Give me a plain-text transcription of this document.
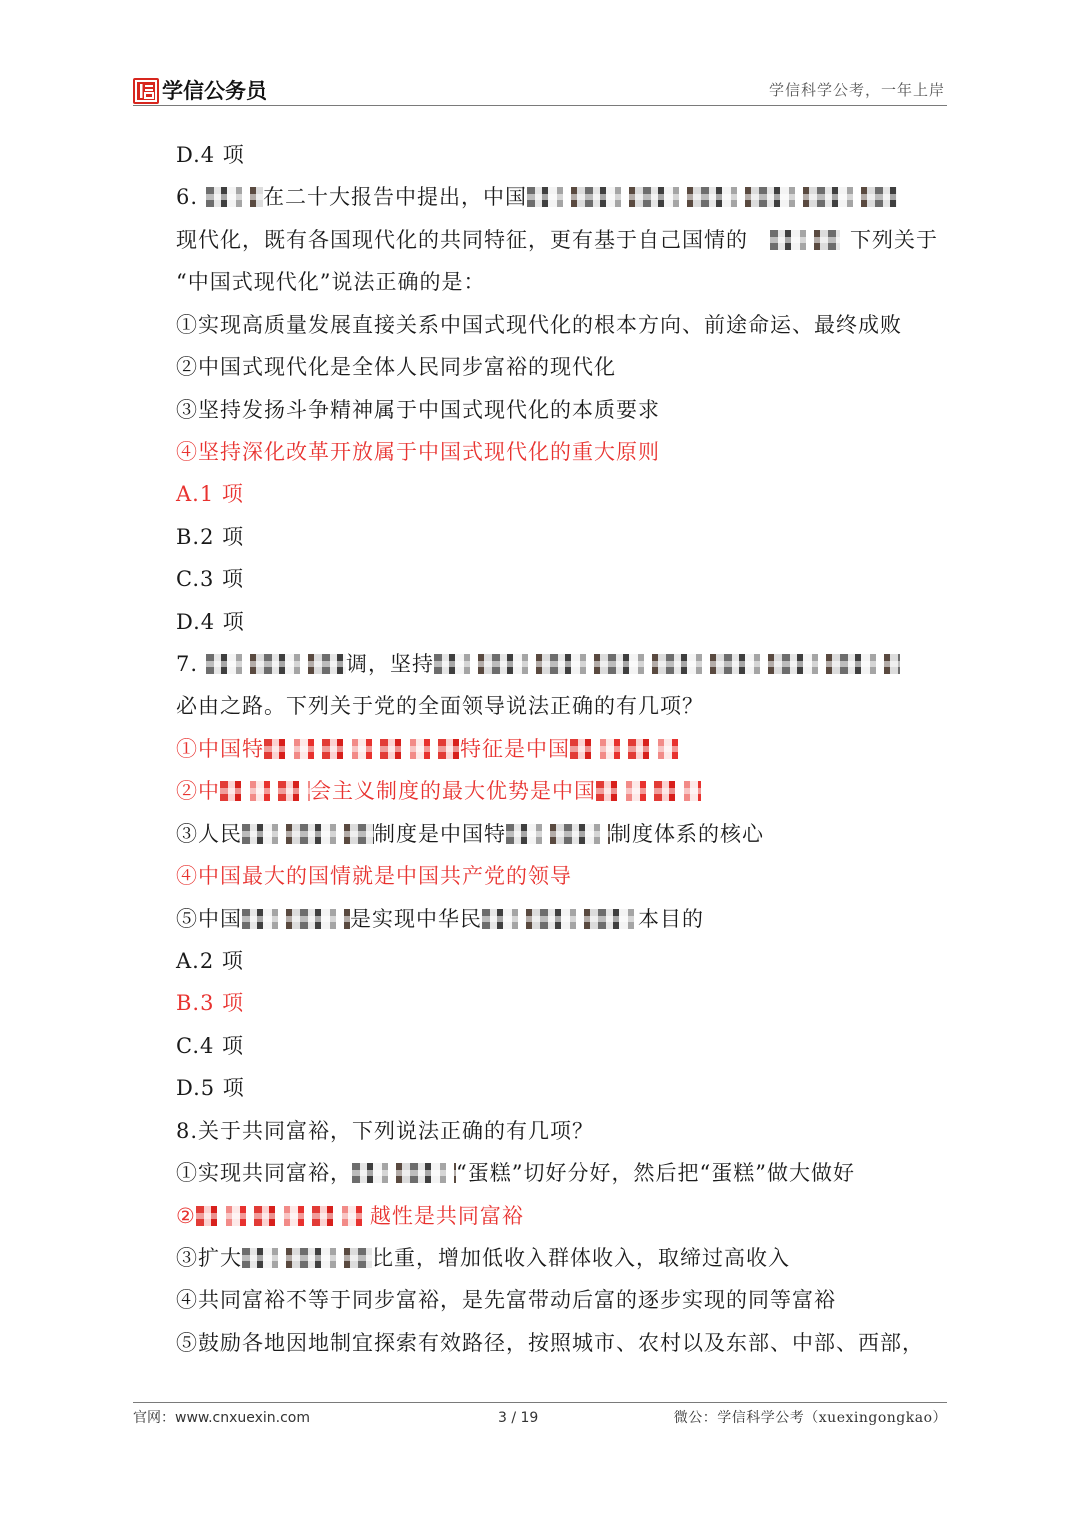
学信公务员	学信科学公考，一年上岸
D.4 项
6.	在二十大报告中提出，中国
现代化，既有各国现代化的共同特征，更有基于自己国情的	下列关于
“中国式现代化”说法正确的是：
①实现高质量发展直接关系中国式现代化的根本方向、前途命运、最终成败
②中国式现代化是全体人民同步富裕的现代化
③坚持发扬斗争精神属于中国式现代化的本质要求
④坚持深化改革开放属于中国式现代化的重大原则
A.1 项
B.2 项
C.3 项
D.4 项
7.	调，坚持
必由之路。下列关于党的全面领导说法正确的有几项？
①中国特	特征是中国
②中	会主义制度的最大优势是中国
③人民	制度是中国特	制度体系的核心
④中国最大的国情就是中国共产党的领导
⑤中国	是实现中华民	本目的
A.2 项
B.3 项
C.4 项
D.5 项
8.关于共同富裕，下列说法正确的有几项？
①实现共同富裕，	“蛋糕”切好分好，然后把“蛋糕”做大做好
②	越性是共同富裕
③扩大	比重，增加低收入群体收入，取缔过高收入
④共同富裕不等于同步富裕，是先富带动后富的逐步实现的同等富裕
⑤鼓励各地因地制宜探索有效路径，按照城市、农村以及东部、中部、西部，
官网：www.cnxuexin.com	3 / 19	微公：学信科学公考（xuexingongkao）
